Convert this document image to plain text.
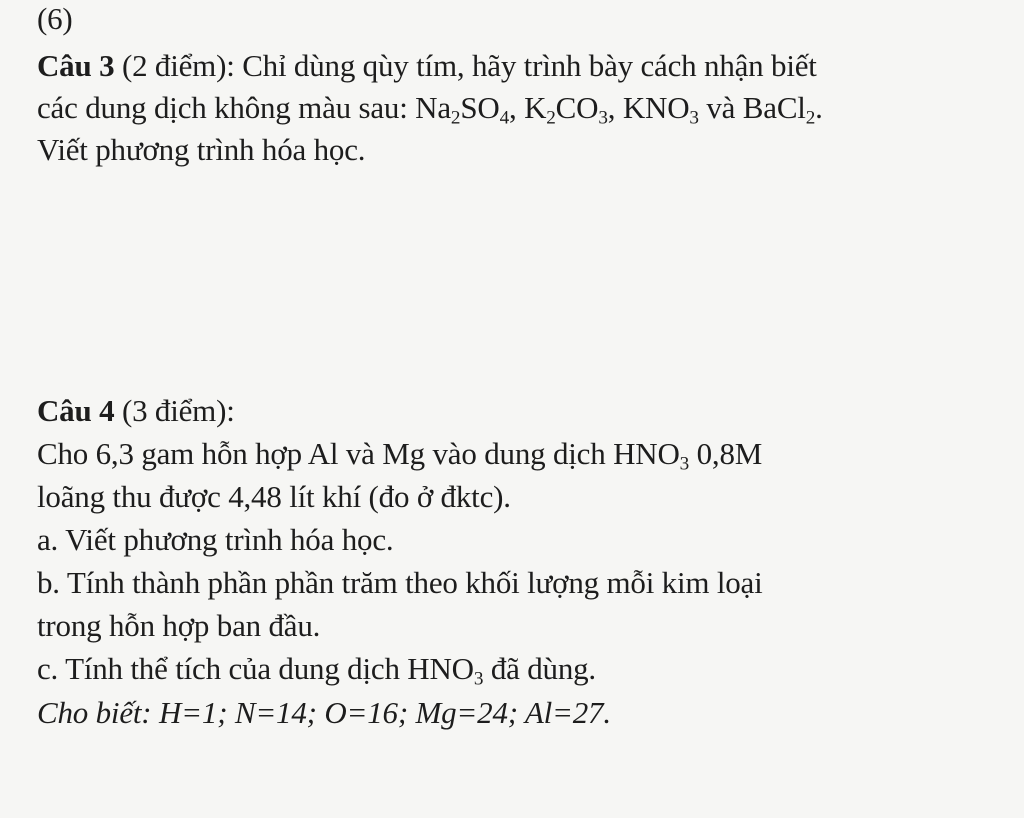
(6)
Câu 3 (2 điểm): Chỉ dùng qùy tím, hãy trình bày cách nhận biết
các dung dịch không màu sau: $Na_2SO_4$, $K_2CO_3$, $KNO_3$ và BaCl$_2$.
Viết phương trình hóa học.
Câu 4 (3 điểm):
Cho 6,3 gam hỗn hợp Al và Mg vào dung dịch $HNO_3$ 0,8M
loãng thu được 4,48 lít khí (đo ở đktc).
a. Viết phương trình hóa học.
b. Tính thành phần phần trăm theo khối lượng mỗi kim loại
trong hỗn hợp ban đầu.
c. Tính thể tích của dung dịch $HNO_3$ đã dùng.
Cho biết: H=1; N=14; O=16; Mg=24; Al=27.
